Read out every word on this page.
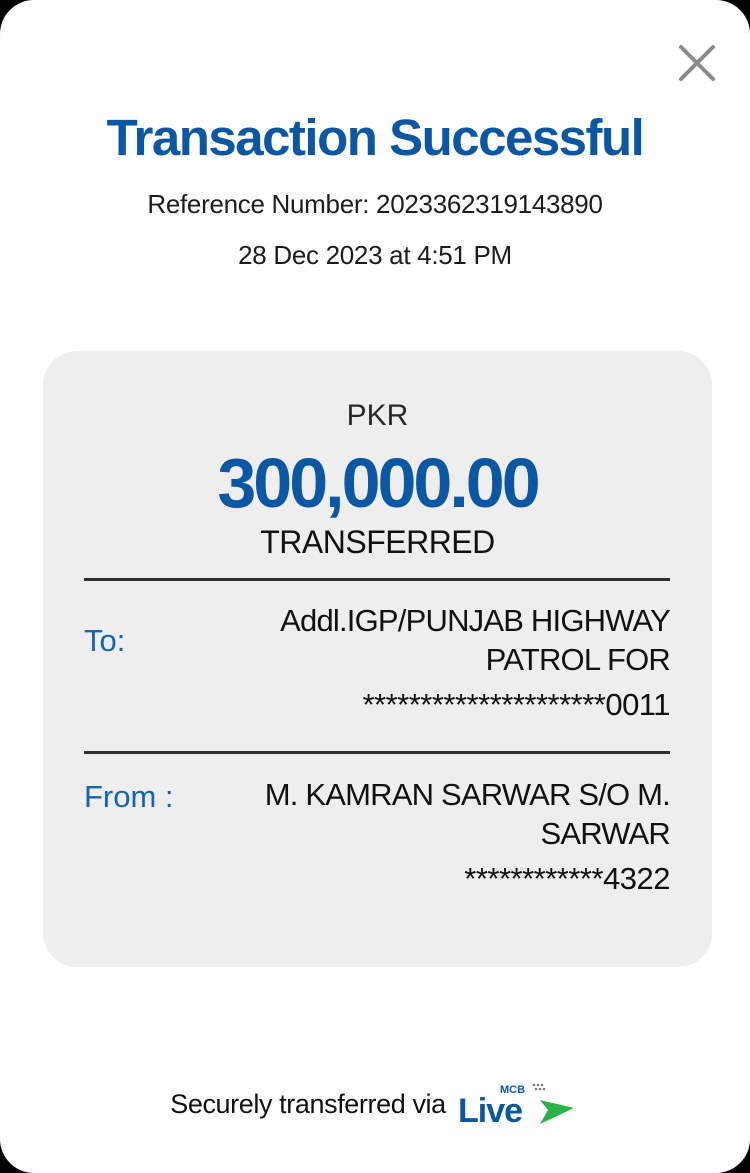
Transaction Successful
Reference Number: 2023362319143890
28 Dec 2023 at 4:51 PM
PKR
300,000.00
TRANSFERRED
To:
Addl.IGP/PUNJAB HIGHWAY PATROL FOR
*********************0011
From :	M. KAMRAN SARWAR S/O M. SARWAR
************4322
Securely transferred via	MCB
Live
